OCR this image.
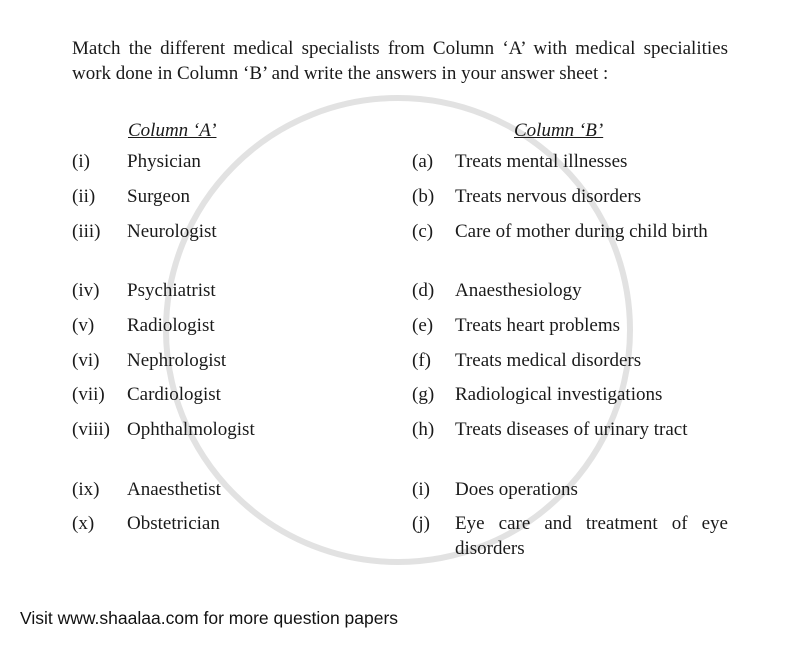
Match the different medical specialists from Column ‘A’ with medical specialities work done in Column ‘B’ and write the answers in your answer sheet :
Column ‘A’	Column ‘B’
(i) Physician	(a) Treats mental illnesses
(ii) Surgeon	(b) Treats nervous disorders
(iii) Neurologist	(c) Care of mother during child birth
(iv) Psychiatrist	(d) Anaesthesiology
(v) Radiologist	(e) Treats heart problems
(vi) Nephrologist	(f) Treats medical disorders
(vii) Cardiologist	(g) Radiological investigations
(viii) Ophthalmologist	(h) Treats diseases of urinary tract
(ix) Anaesthetist	(i) Does operations
(x) Obstetrician	(j) Eye care and treatment of eye disorders
Visit www.shaalaa.com for more question papers
